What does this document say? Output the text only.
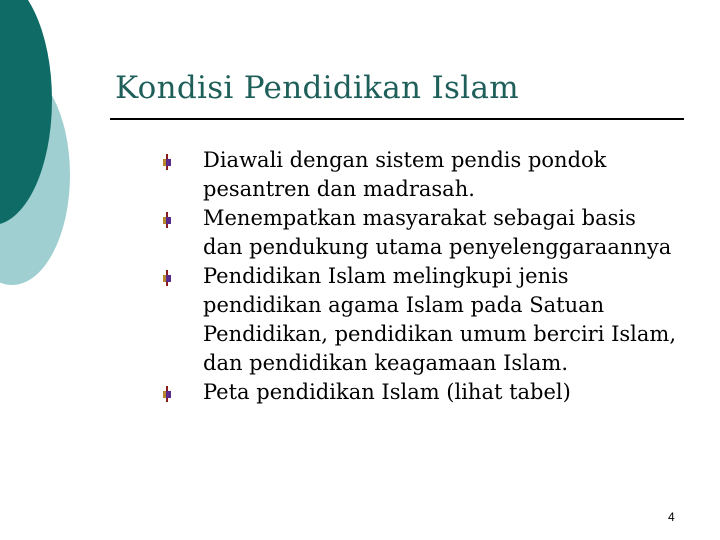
Kondisi Pendidikan Islam
Diawali dengan sistem pendis pondok pesantren dan madrasah.
Menempatkan masyarakat sebagai basis dan pendukung utama penyelenggaraannya
Pendidikan Islam melingkupi jenis pendidikan agama Islam pada Satuan Pendidikan, pendidikan umum berciri Islam, dan pendidikan keagamaan Islam.
Peta pendidikan Islam (lihat tabel)
4
